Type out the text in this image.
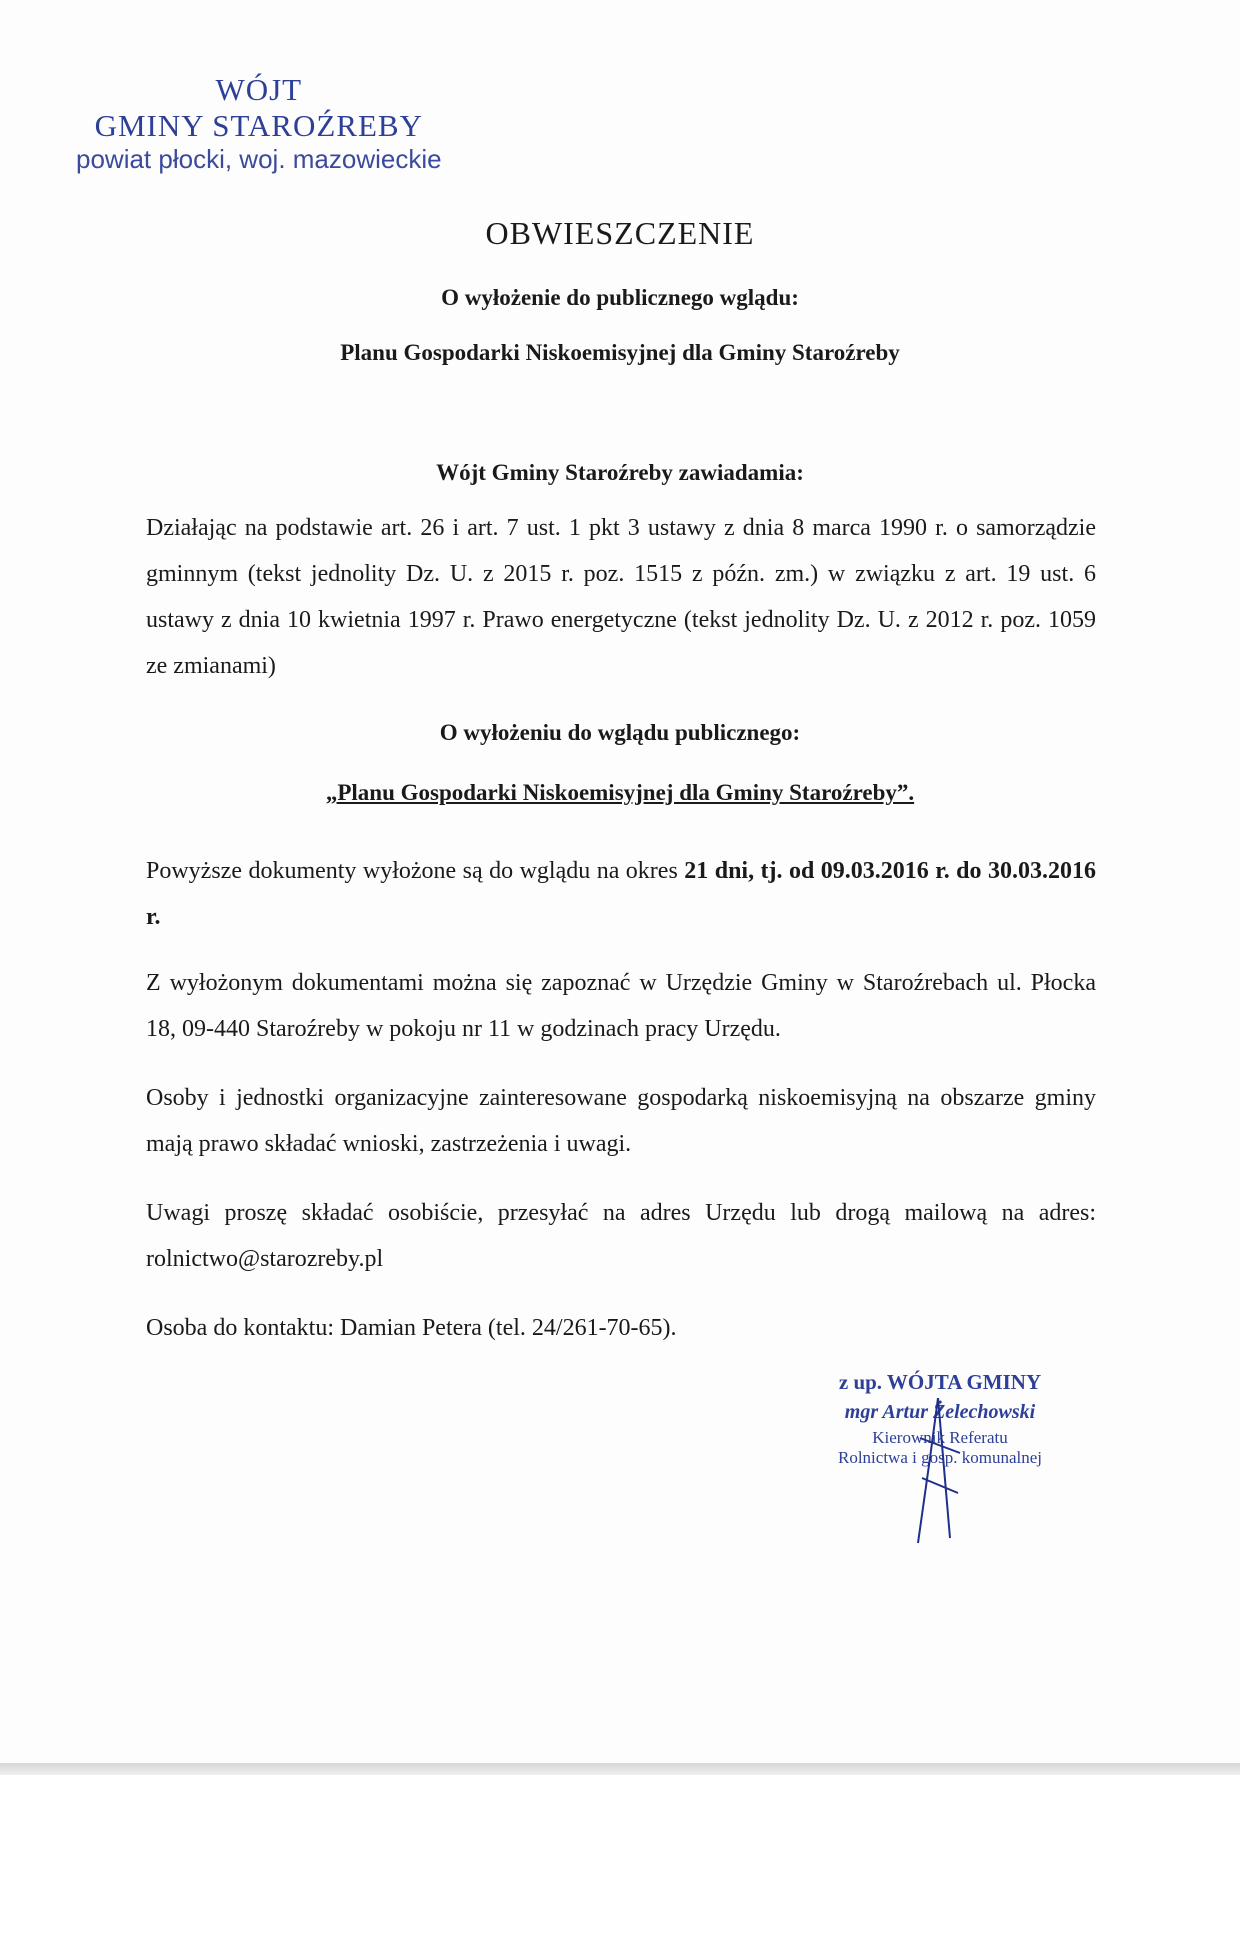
WÓJT
GMINY STAROŹREBY
powiat płocki, woj. mazowieckie
OBWIESZCZENIE
O wyłożenie do publicznego wglądu:
Planu Gospodarki Niskoemisyjnej dla Gminy Staroźreby
Wójt Gminy Staroźreby zawiadamia:
Działając na podstawie art. 26 i art. 7 ust. 1 pkt 3 ustawy z dnia 8 marca 1990 r. o samorządzie gminnym (tekst jednolity Dz. U. z 2015 r. poz. 1515 z późn. zm.) w związku z art. 19 ust. 6 ustawy z dnia 10 kwietnia 1997 r. Prawo energetyczne (tekst jednolity Dz. U. z 2012 r. poz. 1059 ze zmianami)
O wyłożeniu do wglądu publicznego:
„Planu Gospodarki Niskoemisyjnej dla Gminy Staroźreby”.
Powyższe dokumenty wyłożone są do wglądu na okres 21 dni, tj. od 09.03.2016 r. do 30.03.2016 r.
Z wyłożonym dokumentami można się zapoznać w Urzędzie Gminy w Staroźrebach ul. Płocka 18, 09-440 Staroźreby w pokoju nr 11 w godzinach pracy Urzędu.
Osoby i jednostki organizacyjne zainteresowane gospodarką niskoemisyjną na obszarze gminy mają prawo składać wnioski, zastrzeżenia i uwagi.
Uwagi proszę składać osobiście, przesyłać na adres Urzędu lub drogą mailową na adres: rolnictwo@starozreby.pl
Osoba do kontaktu: Damian Petera (tel. 24/261-70-65).
z up. WÓJTA GMINY
mgr Artur Żelechowski
Kierownik Referatu
Rolnictwa i gosp. komunalnej
